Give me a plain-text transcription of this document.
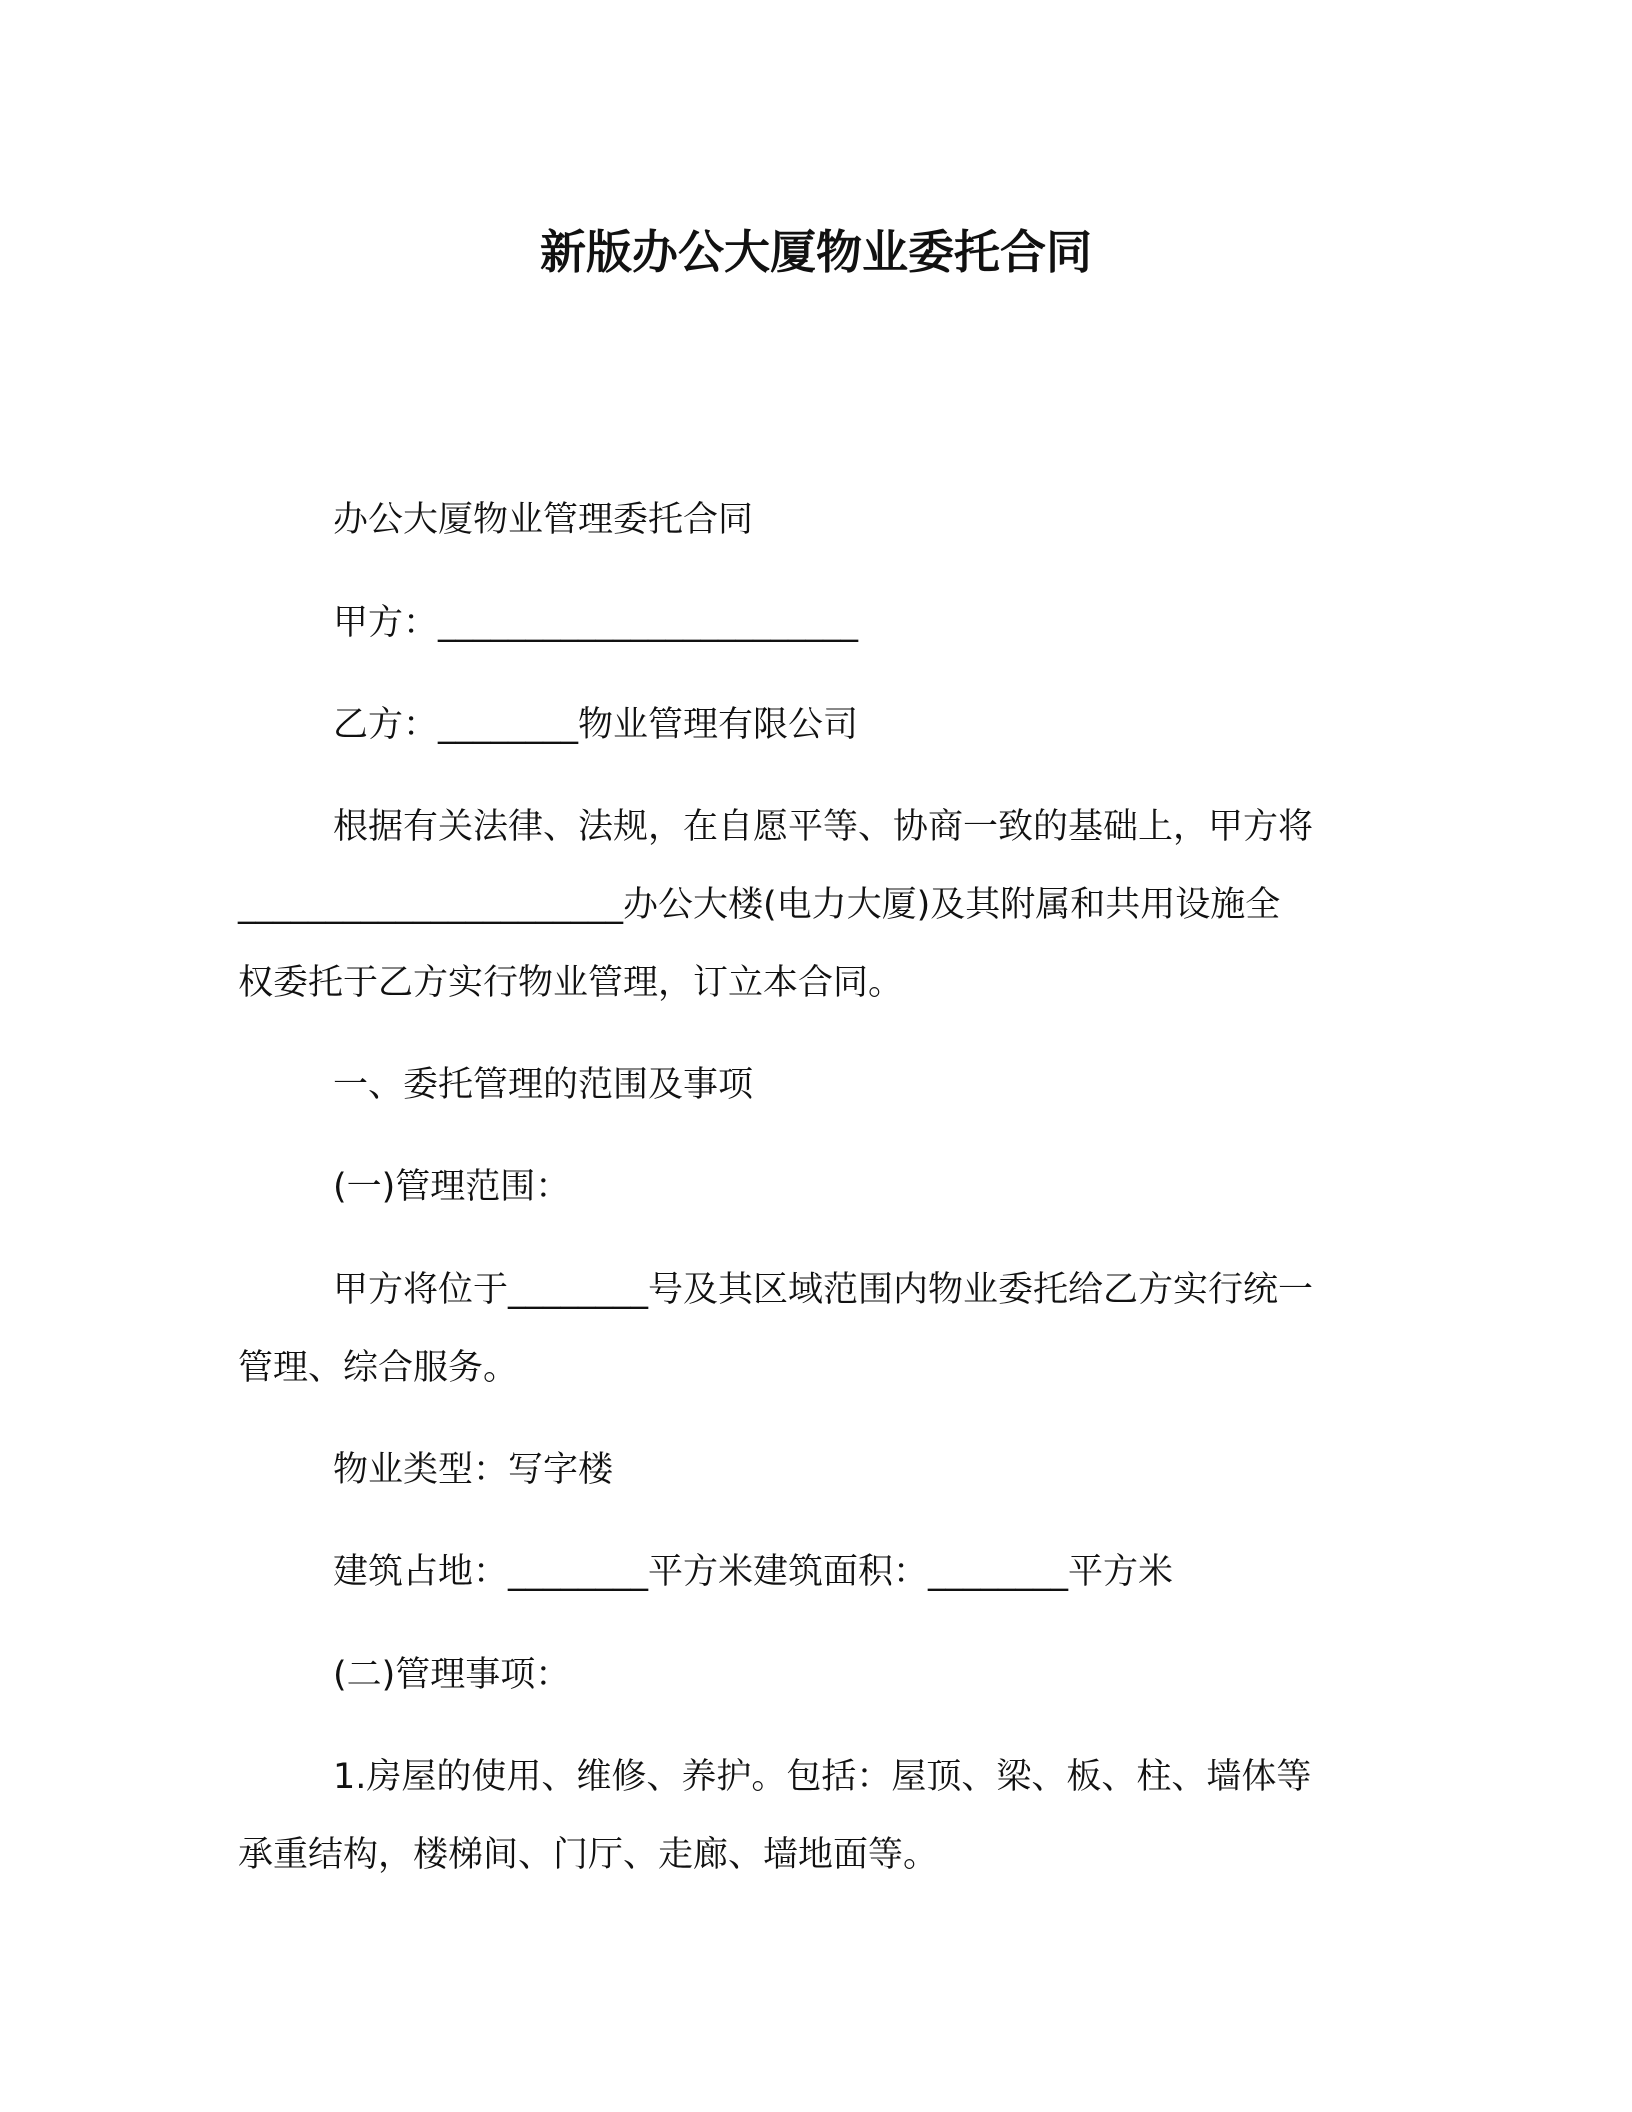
新版办公大厦物业委托合同

办公大厦物业管理委托合同

甲方：________________________

乙方：________物业管理有限公司

根据有关法律、法规，在自愿平等、协商一致的基础上，甲方将

______________________办公大楼(电力大厦)及其附属和共用设施全

权委托于乙方实行物业管理，订立本合同。

一、委托管理的范围及事项

(一)管理范围：

甲方将位于________号及其区域范围内物业委托给乙方实行统一

管理、综合服务。

物业类型：写字楼

建筑占地：________平方米建筑面积：________平方米

(二)管理事项：

1.房屋的使用、维修、养护。包括：屋顶、梁、板、柱、墙体等

承重结构，楼梯间、门厅、走廊、墙地面等。
